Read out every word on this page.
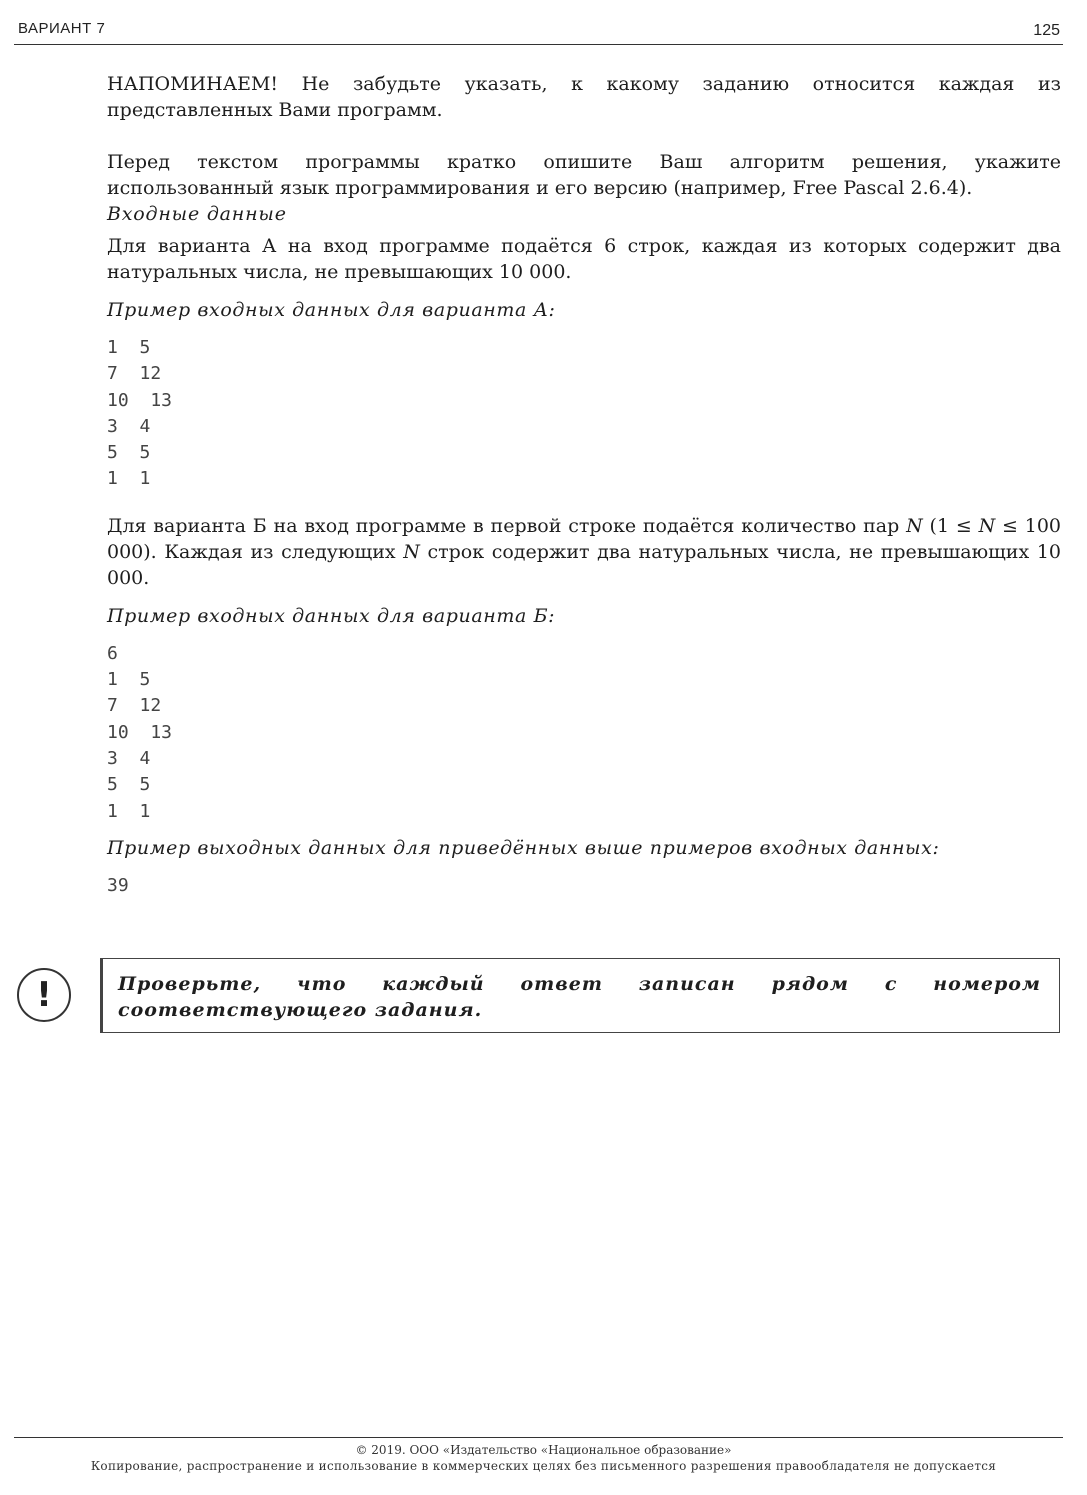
ВАРИАНТ 7	125

НАПОМИНАЕМ! Не забудьте указать, к какому заданию относится каждая из представленных Вами программ.

Перед текстом программы кратко опишите Ваш алгоритм решения, укажите использованный язык программирования и его версию (например, Free Pascal 2.6.4).

Входные данные

Для варианта А на вход программе подаётся 6 строк, каждая из которых содержит два натуральных числа, не превышающих 10 000.

Пример входных данных для варианта А:

1  5

7  12

10  13

3  4

5  5

1  1

Для варианта Б на вход программе в первой строке подаётся количество пар N (1 ≤ N ≤ 100 000). Каждая из следующих N строк содержит два натуральных числа, не превышающих 10 000.

Пример входных данных для варианта Б:

6

1  5

7  12

10  13

3  4

5  5

1  1

Пример выходных данных для приведённых выше примеров входных данных:

39

!	Проверьте, что каждый ответ записан рядом с номером соответствующего задания.

© 2019. ООО «Издательство «Национальное образование»
Копирование, распространение и использование в коммерческих целях без письменного разрешения правообладателя не допускается
